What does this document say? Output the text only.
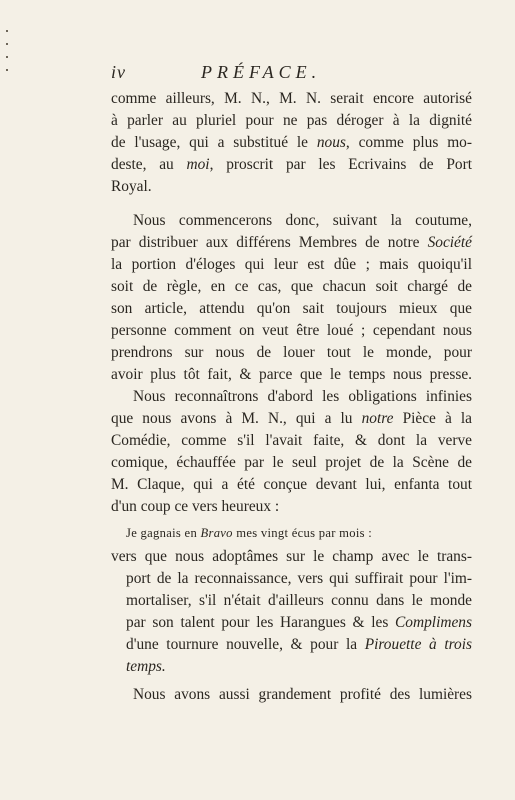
iv	PRÉFACE.
comme ailleurs, M. N., M. N. serait encore autorisé
à parler au pluriel pour ne pas déroger à la dignité
de l'usage, qui a substitué le nous, comme plus mo-
deste, au moi, proscrit par les Ecrivains de Port
Royal.
Nous commencerons donc, suivant la coutume,
par distribuer aux différens Membres de notre Société
la portion d'éloges qui leur est dûe ; mais quoiqu'il
soit de règle, en ce cas, que chacun soit chargé de
son article, attendu qu'on sait toujours mieux que
personne comment on veut être loué ; cependant nous
prendrons sur nous de louer tout le monde, pour
avoir plus tôt fait, & parce que le temps nous presse.
Nous reconnaîtrons d'abord les obligations infinies
que nous avons à M. N., qui a lu notre Pièce à la
Comédie, comme s'il l'avait faite, & dont la verve
comique, échauffée par le seul projet de la Scène de
M. Claque, qui a été conçue devant lui, enfanta tout
d'un coup ce vers heureux :
Je gagnais en Bravo mes vingt écus par mois :
vers que nous adoptâmes sur le champ avec le trans-
port de la reconnaissance, vers qui suffirait pour l'im-
mortaliser, s'il n'était d'ailleurs connu dans le monde
par son talent pour les Harangues & les Complimens
d'une tournure nouvelle, & pour la Pirouette à trois
temps.
Nous avons aussi grandement profité des lumières
